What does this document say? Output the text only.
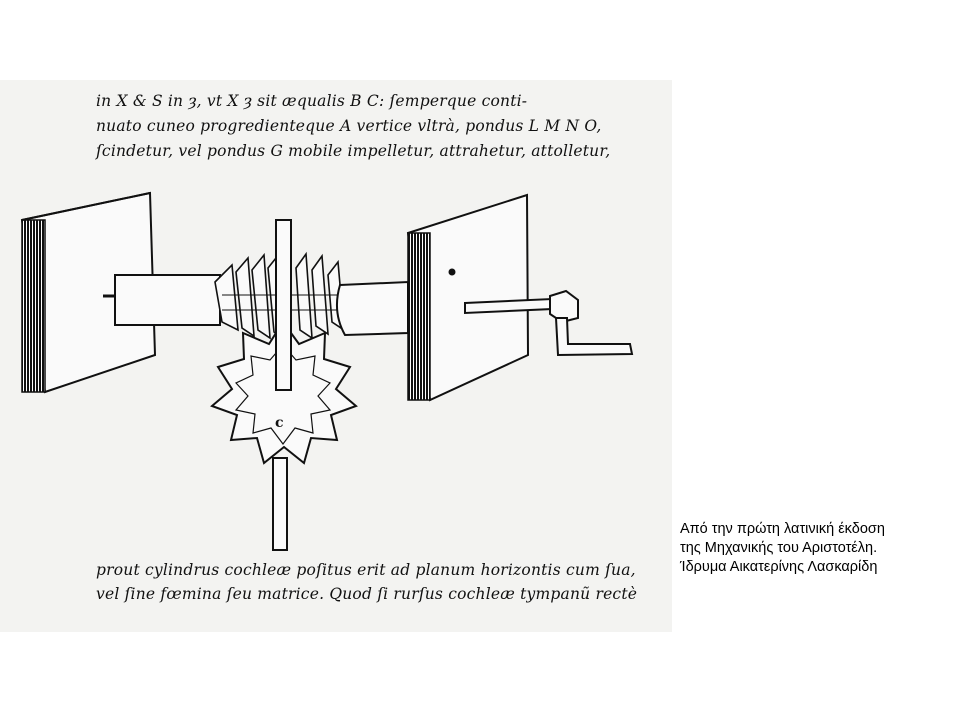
in X & S in ȝ, vt X ȝ sit æqualis B C: ſemperque conti-
nuato cuneo progredienteque A vertice vltrà, pondus L M N O,
ſcindetur, vel pondus G mobile impelletur, attrahetur, attolletur,
c
prout cylindrus cochleæ poſitus erit ad planum horizontis cum ſua,
vel ſine fœmina ſeu matrice. Quod ſi rurſus cochleæ tympanũ rectè
Από την πρώτη λατινική έκδοση
της Μηχανικής του Αριστοτέλη.
Ίδρυμα Αικατερίνης Λασκαρίδη
